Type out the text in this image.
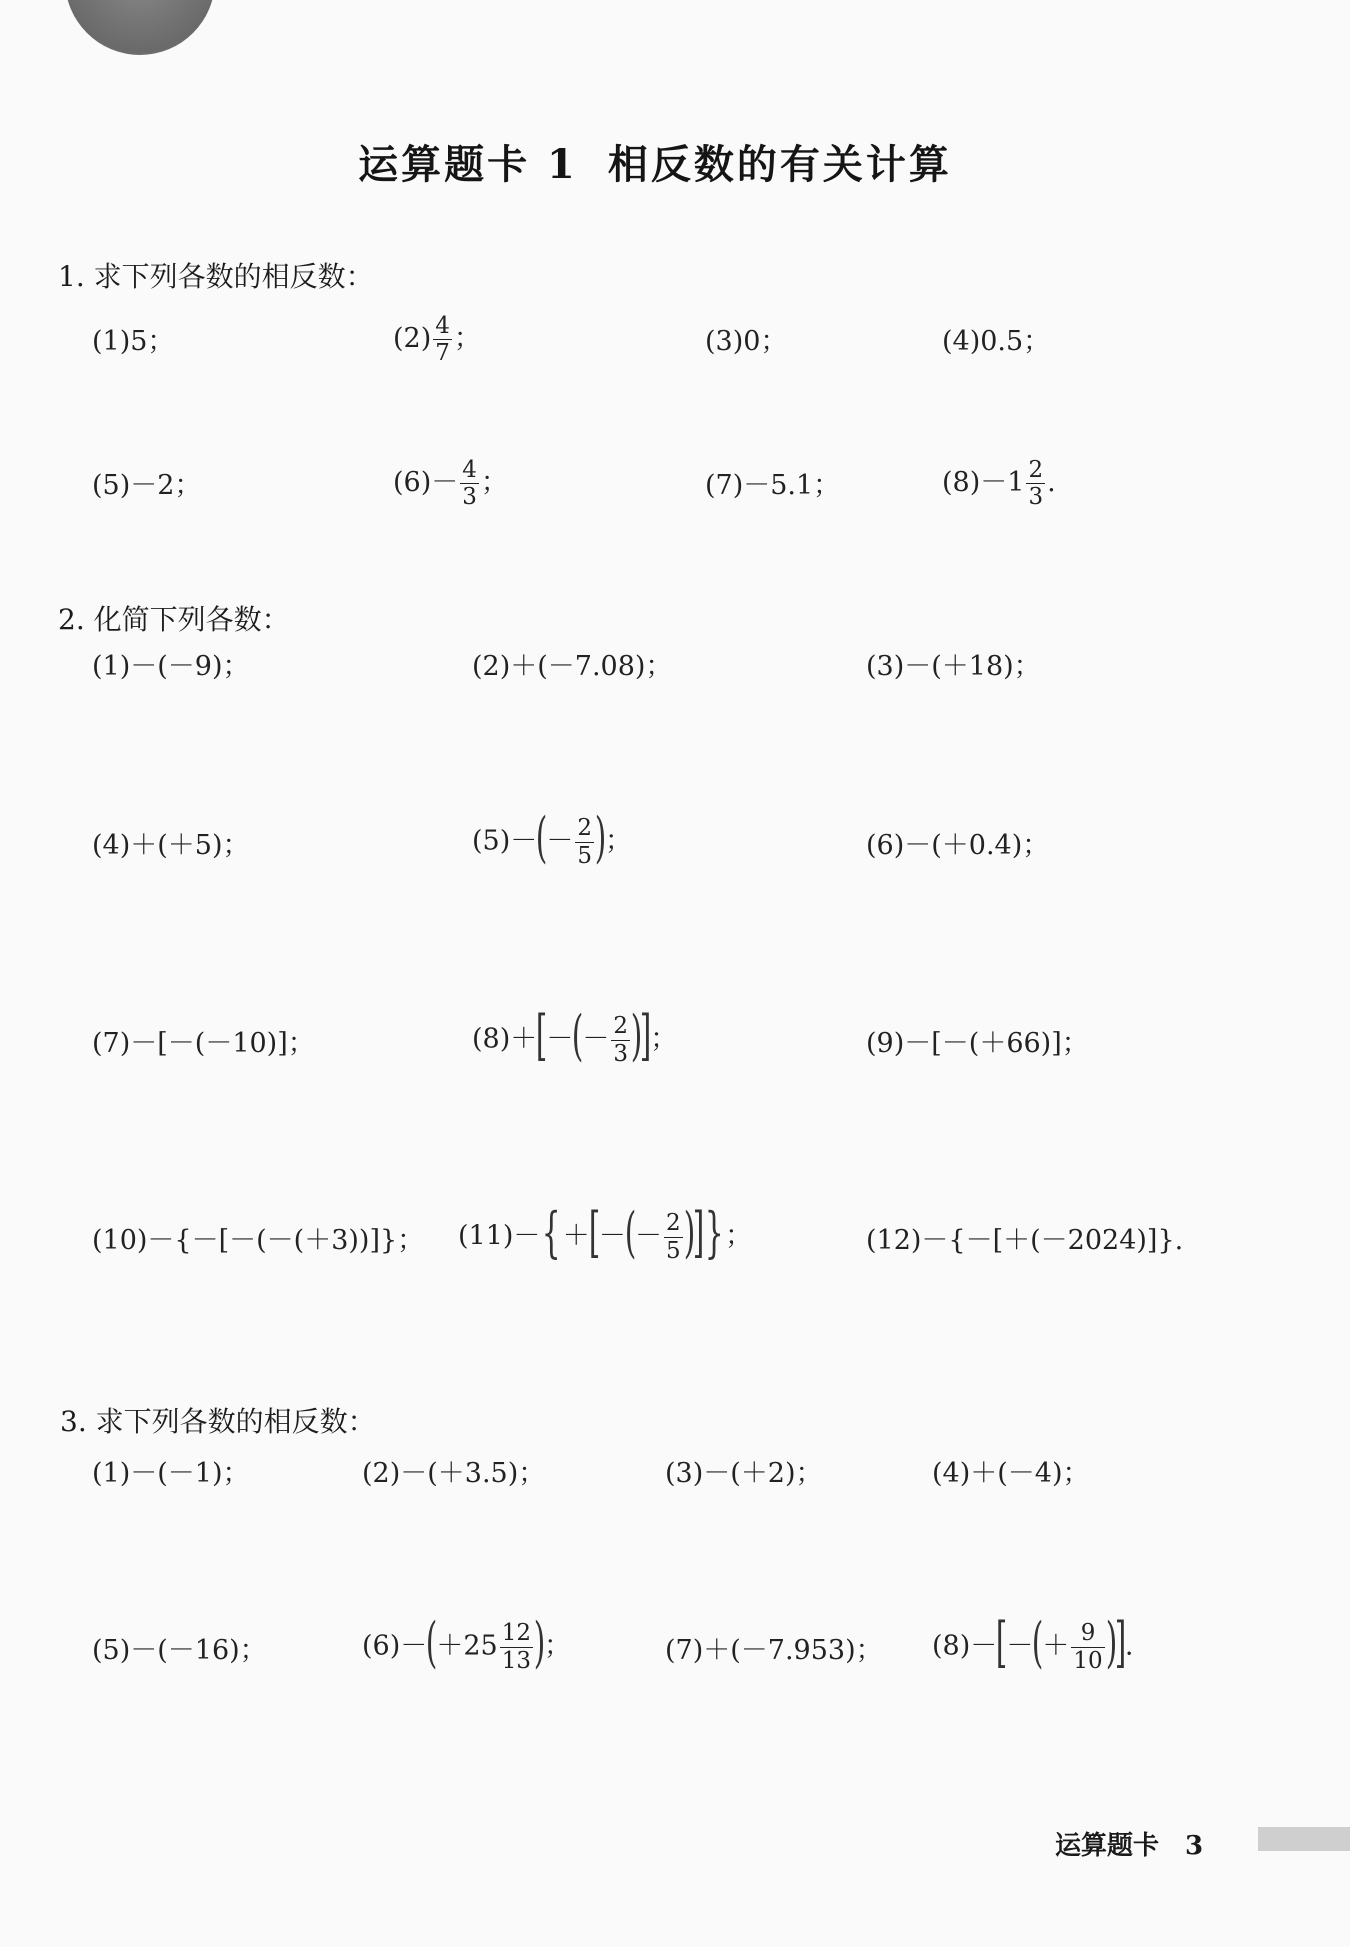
运算题卡 1 相反数的有关计算
1. 求下列各数的相反数：
(1)5；	$(2) \frac{4}{7}$ ；	(3)0；	(4)0.5；
(5)－2；	$(6)- \frac{4}{3}$ ；	(7)－5.1；	$(8)-1 \frac{2}{3}$ .
2. 化简下列各数：
(1)－(－9)；	(2)＋(－7.08)；	(3)－(＋18)；
(4)＋(＋5)；	$(5)-(- \frac{2}{5}$ )；	(6)－(＋0.4)；
(7)－[－(－10)]；	$(8)+[-(- \frac{2}{3}$ )]；	(9)－[－(＋66)]；
(10)－{－[－(－(＋3))]}； $(11)-\{+[-(- \frac{2}{5}$ )]}；	(12)－{－[＋(－2024)]}.
3. 求下列各数的相反数：
(1)－(－1)；	(2)－(＋3.5)；	(3)－(＋2)；	(4)＋(－4)；
(5)－(－16)；	$(6)-(+25 \frac{12}{13}$ )；	(7)＋(－7.953)； $(8)-[-(+ \frac{9}{10}$ )].
运算题卡 3
